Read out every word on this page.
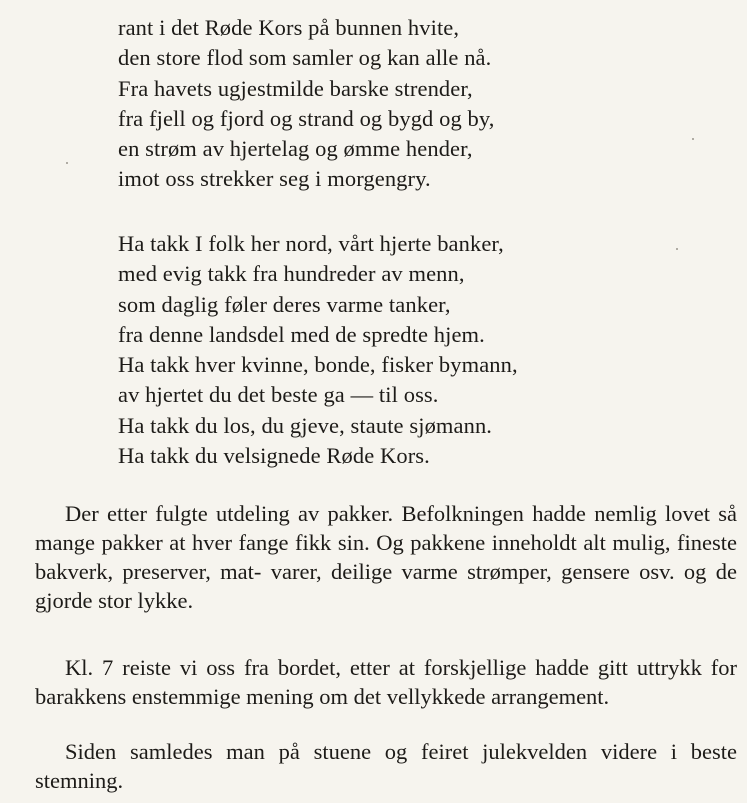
rant i det Røde Kors på bunnen hvite,
den store flod som samler og kan alle nå.
Fra havets ugjestmilde barske strender,
fra fjell og fjord og strand og bygd og by,
en strøm av hjertelag og ømme hender,
imot oss strekker seg i morgengry.
Ha takk I folk her nord, vårt hjerte banker,
med evig takk fra hundreder av menn,
som daglig føler deres varme tanker,
fra denne landsdel med de spredte hjem.
Ha takk hver kvinne, bonde, fisker bymann,
av hjertet du det beste ga — til oss.
Ha takk du los, du gjeve, staute sjømann.
Ha takk du velsignede Røde Kors.

Der etter fulgte utdeling av pakker. Befolkningen hadde nemlig lovet så mange pakker at hver fange fikk sin. Og pakkene inneholdt alt mulig, fineste bakverk, preserver, mat- varer, deilige varme strømper, gensere osv. og de gjorde stor lykke.

Kl. 7 reiste vi oss fra bordet, etter at forskjellige hadde gitt uttrykk for barakkens enstemmige mening om det vellykkede arrangement.

Siden samledes man på stuene og feiret julekvelden videre i beste stemning.
